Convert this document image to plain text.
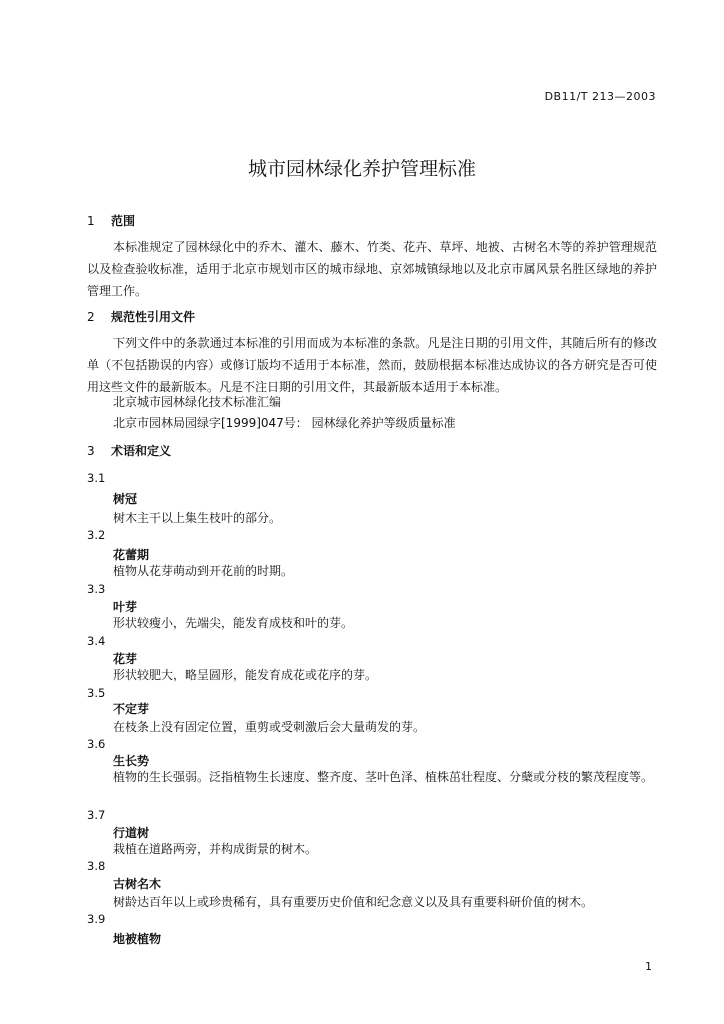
DB11/T 213—2003
城市园林绿化养护管理标准
1 范围
本标准规定了园林绿化中的乔木、灌木、藤木、竹类、花卉、草坪、地被、古树名木等的养护管理规范以及检查验收标准，适用于北京市规划市区的城市绿地、京郊城镇绿地以及北京市属风景名胜区绿地的养护管理工作。
2 规范性引用文件
下列文件中的条款通过本标准的引用而成为本标准的条款。凡是注日期的引用文件，其随后所有的修改单（不包括勘误的内容）或修订版均不适用于本标准，然而，鼓励根据本标准达成协议的各方研究是否可使用这些文件的最新版本。凡是不注日期的引用文件，其最新版本适用于本标准。
北京城市园林绿化技术标准汇编
北京市园林局园绿字[1999]047号： 园林绿化养护等级质量标准
3 术语和定义
3.1
树冠
树木主干以上集生枝叶的部分。
3.2
花蕾期
植物从花芽萌动到开花前的时期。
3.3
叶芽
形状较瘦小，先端尖，能发育成枝和叶的芽。
3.4
花芽
形状较肥大，略呈圆形，能发育成花或花序的芽。
3.5
不定芽
在枝条上没有固定位置，重剪或受刺激后会大量萌发的芽。
3.6
生长势
植物的生长强弱。泛指植物生长速度、整齐度、茎叶色泽、植株茁壮程度、分蘖或分枝的繁茂程度等。
3.7
行道树
栽植在道路两旁，并构成街景的树木。
3.8
古树名木
树龄达百年以上或珍贵稀有，具有重要历史价值和纪念意义以及具有重要科研价值的树木。
3.9
地被植物
1
